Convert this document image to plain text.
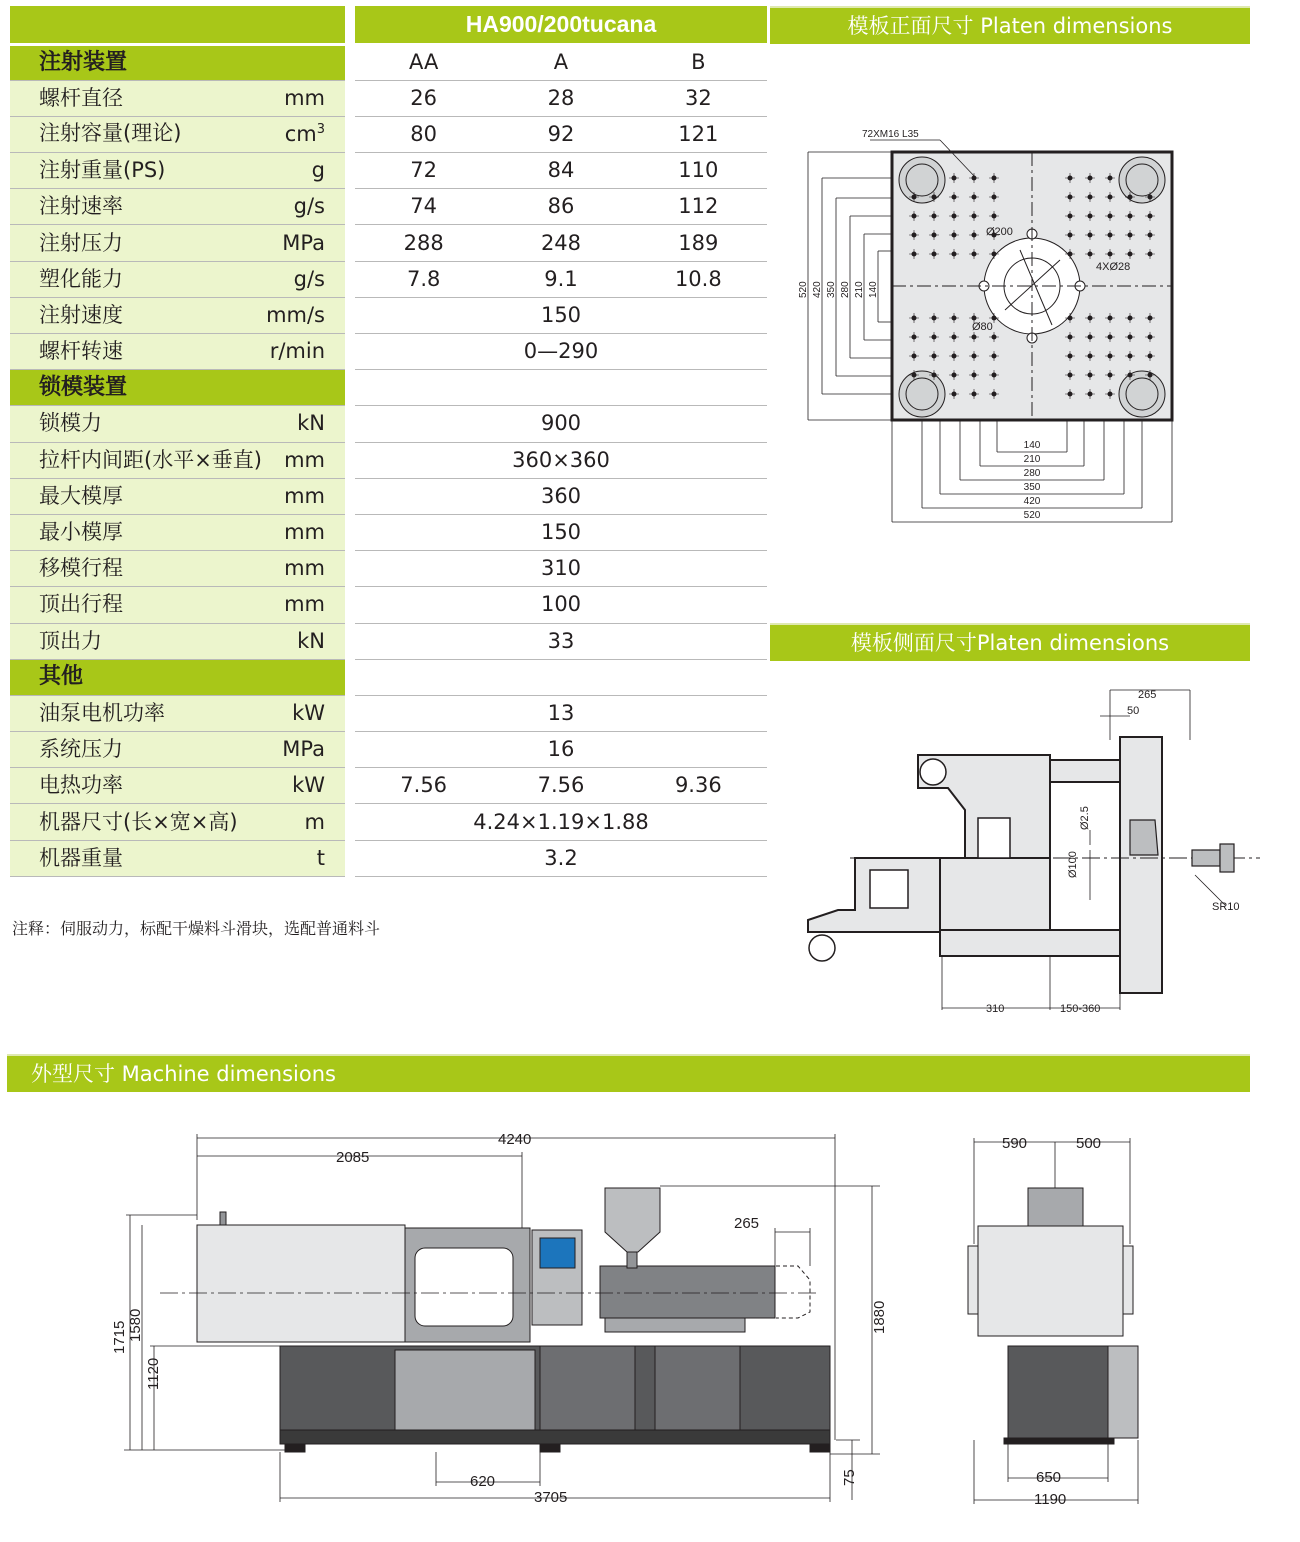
		HA900/200tucana		
注射装置		AA	A	B

螺杆直径 mm		26	28	32

注射容量(理论) $cm^3$		80	92	121

注射重量(PS) g		72	84	110

注射速率 g/s		74	86	112

注射压力 MPa		288	248	189

塑化能力 g/s		7.8	9.1	10.8

注射速度 mm/s		150		

螺杆转速 r/min		0—290		
锁模装置				

锁模力 kN		900		

拉杆内间距(水平×垂直) mm		360×360		

最大模厚 mm		360		

最小模厚 mm		150		

移模行程 mm		310		

顶出行程 mm		100		

顶出力 kN		33		
其他				

油泵电机功率 kW		13		

系统压力 MPa		16		

电热功率 kW		7.56	7.56	9.36

机器尺寸(长×宽×高) m		4.24×1.19×1.88		

机器重量 t		3.2		
注释：伺服动力，标配干燥料斗滑块，选配普通料斗
模板正面尺寸 Platen dimensions
模板侧面尺寸Platen dimensions
外型尺寸 Machine dimensions
520 420 350 280 210 140
140
210
280
350
420
520
72XM16 L35
Ø200
4XØ28
Ø80
265
50
Ø2.5
Ø100
SR10
310	150-360
4240
2085
265
1715 1580
1120
1880
75
620
3705
590	500
650
1190
